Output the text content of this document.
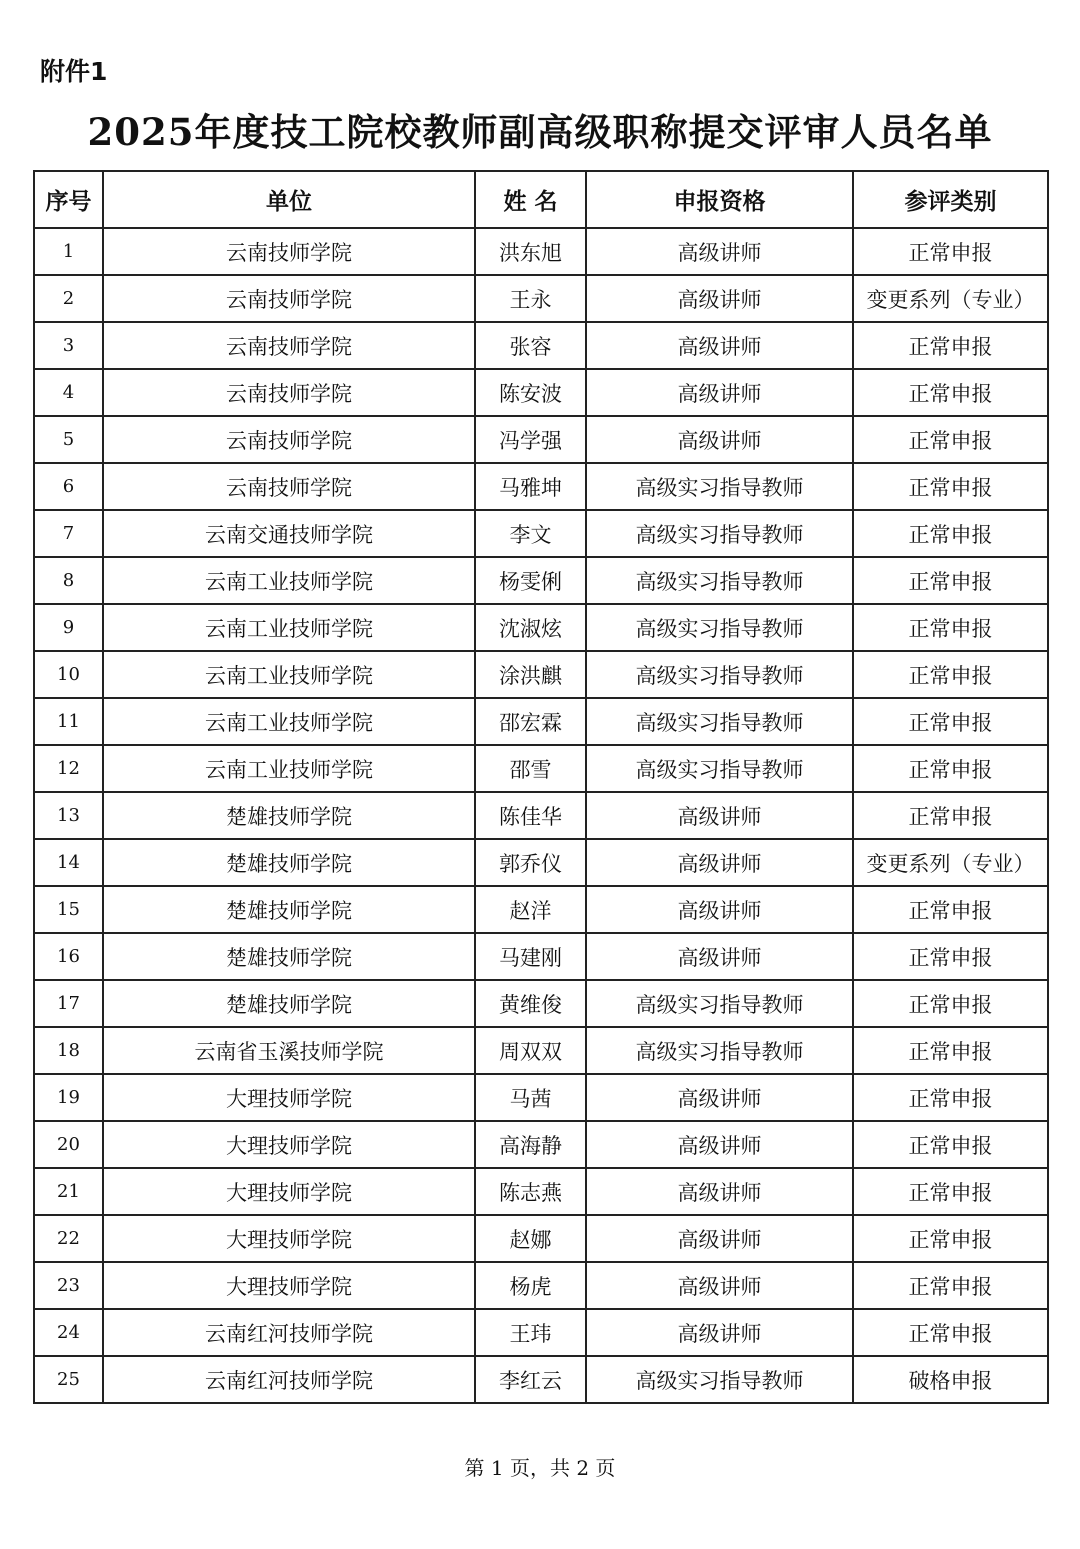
附件1
2025年度技工院校教师副高级职称提交评审人员名单
序号	单位	姓 名	申报资格	参评类别
1	云南技师学院	洪东旭	高级讲师	正常申报
2	云南技师学院	王永	高级讲师	变更系列（专业）
3	云南技师学院	张容	高级讲师	正常申报
4	云南技师学院	陈安波	高级讲师	正常申报
5	云南技师学院	冯学强	高级讲师	正常申报
6	云南技师学院	马雅坤	高级实习指导教师	正常申报
7	云南交通技师学院	李文	高级实习指导教师	正常申报
8	云南工业技师学院	杨雯俐	高级实习指导教师	正常申报
9	云南工业技师学院	沈淑炫	高级实习指导教师	正常申报
10	云南工业技师学院	涂洪麒	高级实习指导教师	正常申报
11	云南工业技师学院	邵宏霖	高级实习指导教师	正常申报
12	云南工业技师学院	邵雪	高级实习指导教师	正常申报
13	楚雄技师学院	陈佳华	高级讲师	正常申报
14	楚雄技师学院	郭乔仪	高级讲师	变更系列（专业）
15	楚雄技师学院	赵洋	高级讲师	正常申报
16	楚雄技师学院	马建刚	高级讲师	正常申报
17	楚雄技师学院	黄维俊	高级实习指导教师	正常申报
18	云南省玉溪技师学院	周双双	高级实习指导教师	正常申报
19	大理技师学院	马茜	高级讲师	正常申报
20	大理技师学院	高海静	高级讲师	正常申报
21	大理技师学院	陈志燕	高级讲师	正常申报
22	大理技师学院	赵娜	高级讲师	正常申报
23	大理技师学院	杨虎	高级讲师	正常申报
24	云南红河技师学院	王玮	高级讲师	正常申报
25	云南红河技师学院	李红云	高级实习指导教师	破格申报
第 1 页，共 2 页
